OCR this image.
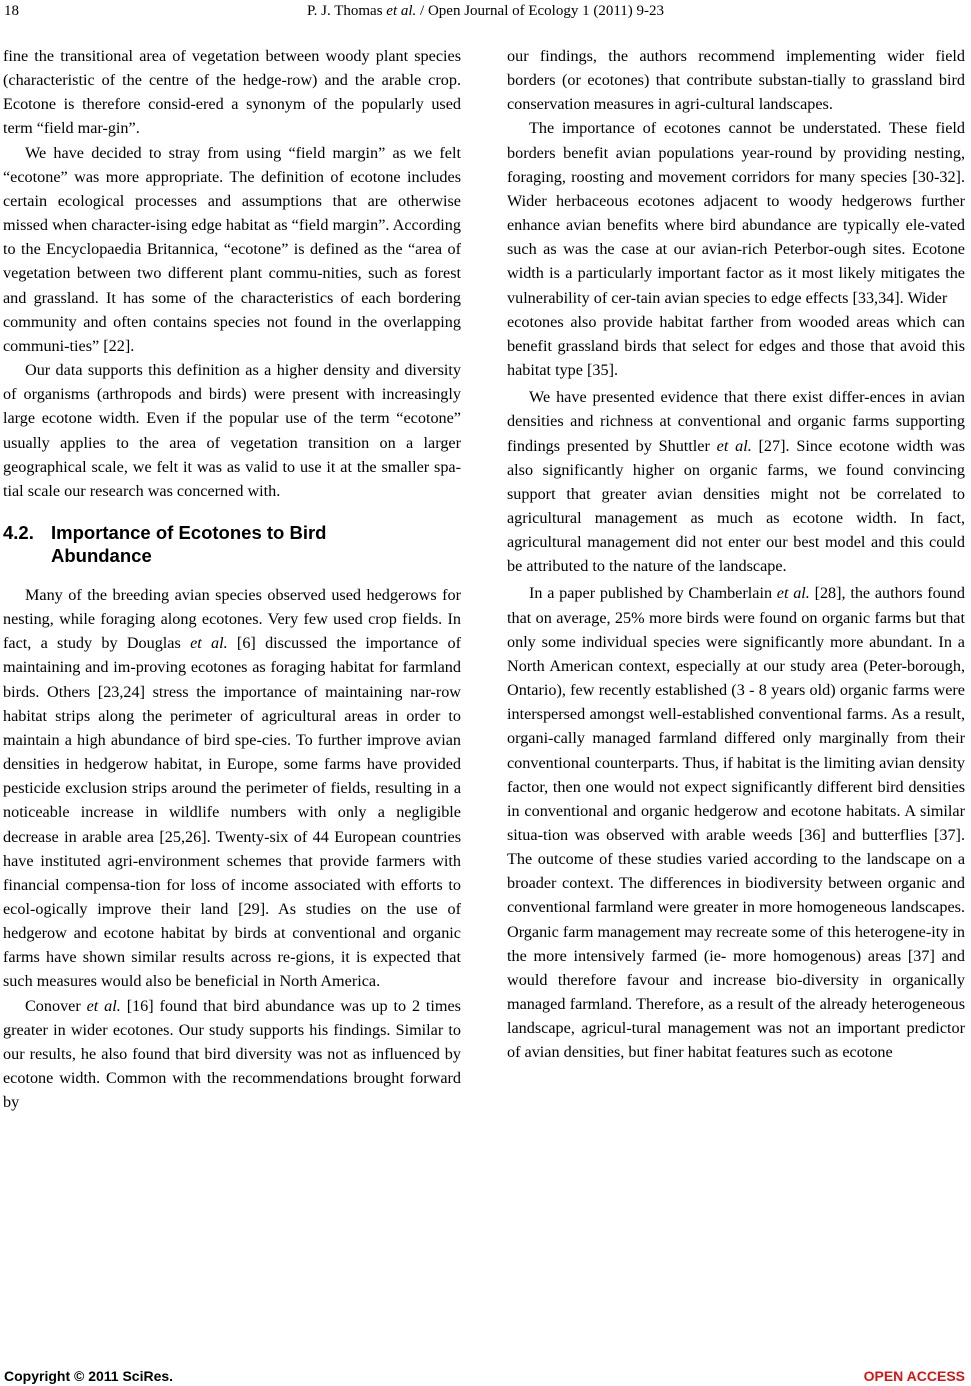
18	P. J. Thomas et al. / Open Journal of Ecology 1 (2011) 9-23

fine the transitional area of vegetation between woody plant species (characteristic of the centre of the hedge-row) and the arable crop. Ecotone is therefore consid-ered a synonym of the popularly used term “field mar-gin”.

We have decided to stray from using “field margin” as we felt “ecotone” was more appropriate. The definition of ecotone includes certain ecological processes and assumptions that are otherwise missed when character-ising edge habitat as “field margin”. According to the Encyclopaedia Britannica, “ecotone” is defined as the “area of vegetation between two different plant commu-nities, such as forest and grassland. It has some of the characteristics of each bordering community and often contains species not found in the overlapping communi-ties” [22].

Our data supports this definition as a higher density and diversity of organisms (arthropods and birds) were present with increasingly large ecotone width. Even if the popular use of the term “ecotone” usually applies to the area of vegetation transition on a larger geographical scale, we felt it was as valid to use it at the smaller spa-tial scale our research was concerned with.

4.2. Importance of Ecotones to Bird
Abundance

Many of the breeding avian species observed used hedgerows for nesting, while foraging along ecotones. Very few used crop fields. In fact, a study by Douglas et al. [6] discussed the importance of maintaining and im-proving ecotones as foraging habitat for farmland birds. Others [23,24] stress the importance of maintaining nar-row habitat strips along the perimeter of agricultural areas in order to maintain a high abundance of bird spe-cies. To further improve avian densities in hedgerow habitat, in Europe, some farms have provided pesticide exclusion strips around the perimeter of fields, resulting in a noticeable increase in wildlife numbers with only a negligible decrease in arable area [25,26]. Twenty-six of 44 European countries have instituted agri-environment schemes that provide farmers with financial compensa-tion for loss of income associated with efforts to ecol-ogically improve their land [29]. As studies on the use of hedgerow and ecotone habitat by birds at conventional and organic farms have shown similar results across re-gions, it is expected that such measures would also be beneficial in North America.

Conover et al. [16] found that bird abundance was up to 2 times greater in wider ecotones. Our study supports his findings. Similar to our results, he also found that bird diversity was not as influenced by ecotone width. Common with the recommendations brought forward by

our findings, the authors recommend implementing wider field borders (or ecotones) that contribute substan-tially to grassland bird conservation measures in agri-cultural landscapes.

The importance of ecotones cannot be understated. These field borders benefit avian populations year-round by providing nesting, foraging, roosting and movement corridors for many species [30-32]. Wider herbaceous ecotones adjacent to woody hedgerows further enhance avian benefits where bird abundance are typically ele-vated such as was the case at our avian-rich Peterbor-ough sites. Ecotone width is a particularly important factor as it most likely mitigates the vulnerability of cer-tain avian species to edge effects [33,34]. Wider

ecotones also provide habitat farther from wooded areas which can benefit grassland birds that select for edges and those that avoid this habitat type [35].

We have presented evidence that there exist differ-ences in avian densities and richness at conventional and organic farms supporting findings presented by Shuttler et al. [27]. Since ecotone width was also significantly higher on organic farms, we found convincing support that greater avian densities might not be correlated to agricultural management as much as ecotone width. In fact, agricultural management did not enter our best model and this could be attributed to the nature of the landscape.

In a paper published by Chamberlain et al. [28], the authors found that on average, 25% more birds were found on organic farms but that only some individual species were significantly more abundant. In a North American context, especially at our study area (Peter-borough, Ontario), few recently established (3 - 8 years old) organic farms were interspersed amongst well-established conventional farms. As a result, organi-cally managed farmland differed only marginally from their conventional counterparts. Thus, if habitat is the limiting avian density factor, then one would not expect significantly different bird densities in conventional and organic hedgerow and ecotone habitats. A similar situa-tion was observed with arable weeds [36] and butterflies [37]. The outcome of these studies varied according to the landscape on a broader context. The differences in biodiversity between organic and conventional farmland were greater in more homogeneous landscapes. Organic farm management may recreate some of this heterogene-ity in the more intensively farmed (ie- more homogenous) areas [37] and would therefore favour and increase bio-diversity in organically managed farmland. Therefore, as a result of the already heterogeneous landscape, agricul-tural management was not an important predictor of avian densities, but finer habitat features such as ecotone

Copyright © 2011 SciRes.	OPEN ACCESS
